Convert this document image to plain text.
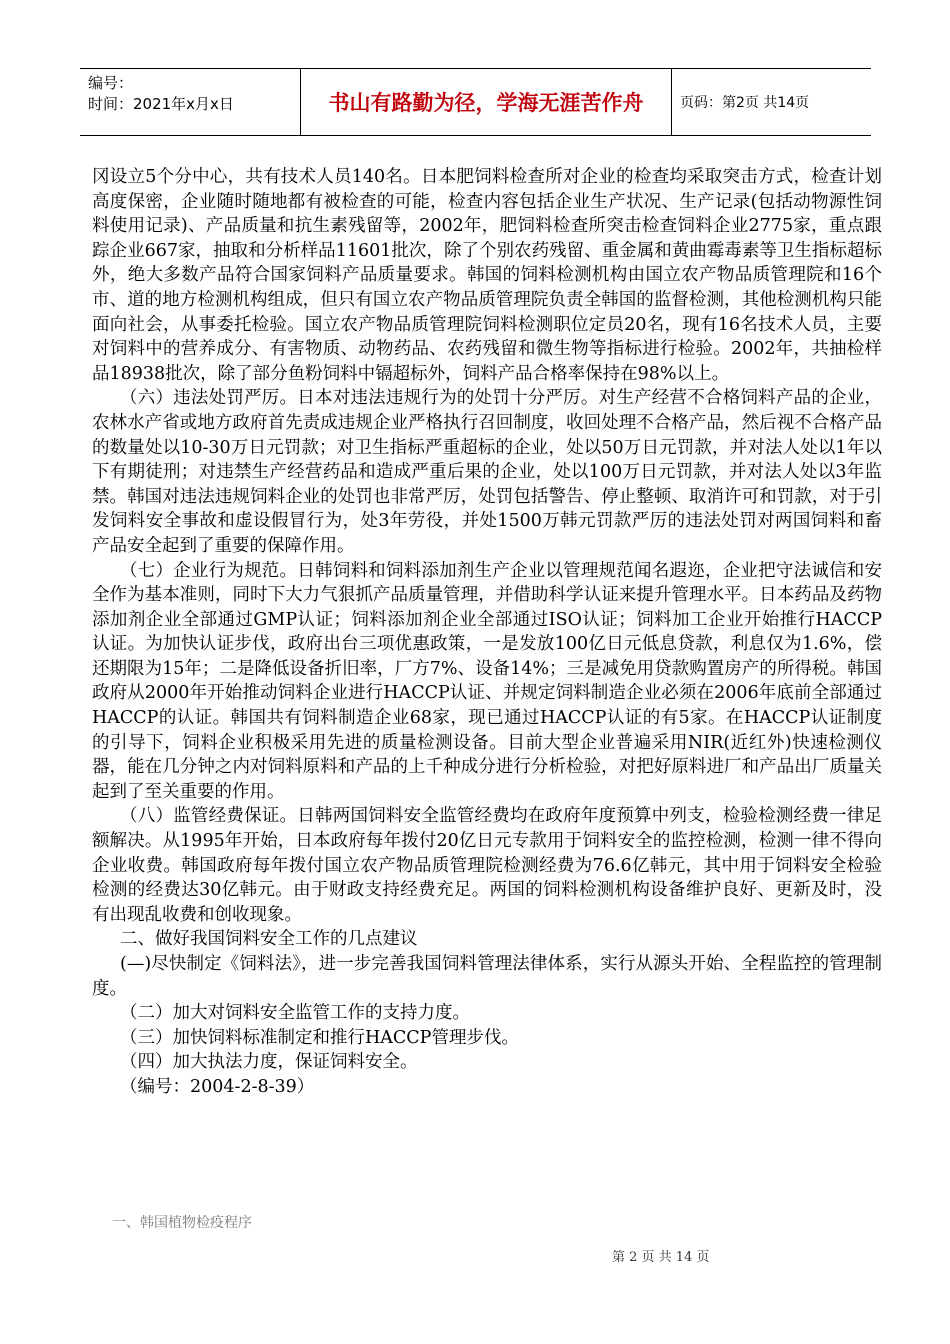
编号：
时间：2021年x月x日	书山有路勤为径，学海无涯苦作舟	页码：第2页 共14页

冈设立5个分中心，共有技术人员140名。日本肥饲料检查所对企业的检查均采取突击方式，检查计划高度保密，企业随时随地都有被检查的可能，检查内容包括企业生产状况、生产记录(包括动物源性饲料使用记录)、产品质量和抗生素残留等，2002年，肥饲料检查所突击检查饲料企业2775家，重点跟踪企业667家，抽取和分析样品11601批次，除了个别农药残留、重金属和黄曲霉毒素等卫生指标超标外，绝大多数产品符合国家饲料产品质量要求。韩国的饲料检测机构由国立农产物品质管理院和16个市、道的地方检测机构组成，但只有国立农产物品质管理院负责全韩国的监督检测，其他检测机构只能面向社会，从事委托检验。国立农产物品质管理院饲料检测职位定员20名，现有16名技术人员，主要对饲料中的营养成分、有害物质、动物药品、农药残留和微生物等指标进行检验。2002年，共抽检样品18938批次，除了部分鱼粉饲料中镉超标外，饲料产品合格率保持在98%以上。

（六）违法处罚严厉。日本对违法违规行为的处罚十分严厉。对生产经营不合格饲料产品的企业，农林水产省或地方政府首先责成违规企业严格执行召回制度，收回处理不合格产品，然后视不合格产品的数量处以10-30万日元罚款；对卫生指标严重超标的企业，处以50万日元罚款，并对法人处以1年以下有期徒刑；对违禁生产经营药品和造成严重后果的企业，处以100万日元罚款，并对法人处以3年监禁。韩国对违法违规饲料企业的处罚也非常严厉，处罚包括警告、停止整顿、取消许可和罚款，对于引发饲料安全事故和虚设假冒行为，处3年劳役，并处1500万韩元罚款严厉的违法处罚对两国饲料和畜产品安全起到了重要的保障作用。

（七）企业行为规范。日韩饲料和饲料添加剂生产企业以管理规范闻名遐迩，企业把守法诚信和安全作为基本准则，同时下大力气狠抓产品质量管理，并借助科学认证来提升管理水平。日本药品及药物添加剂企业全部通过GMP认证；饲料添加剂企业全部通过ISO认证；饲料加工企业开始推行HACCP认证。为加快认证步伐，政府出台三项优惠政策，一是发放100亿日元低息贷款，利息仅为1.6%，偿还期限为15年；二是降低设备折旧率，厂方7%、设备14%；三是减免用贷款购置房产的所得税。韩国政府从2000年开始推动饲料企业进行HACCP认证、并规定饲料制造企业必须在2006年底前全部通过HACCP的认证。韩国共有饲料制造企业68家，现已通过HACCP认证的有5家。在HACCP认证制度的引导下，饲料企业积极采用先进的质量检测设备。目前大型企业普遍采用NIR(近红外)快速检测仪器，能在几分钟之内对饲料原料和产品的上千种成分进行分析检验，对把好原料进厂和产品出厂质量关起到了至关重要的作用。

（八）监管经费保证。日韩两国饲料安全监管经费均在政府年度预算中列支，检验检测经费一律足额解决。从1995年开始，日本政府每年拨付20亿日元专款用于饲料安全的监控检测，检测一律不得向企业收费。韩国政府每年拨付国立农产物品质管理院检测经费为76.6亿韩元，其中用于饲料安全检验检测的经费达30亿韩元。由于财政支持经费充足。两国的饲料检测机构设备维护良好、更新及时，没有出现乱收费和创收现象。

二、做好我国饲料安全工作的几点建议

(—)尽快制定《饲料法》，进一步完善我国饲料管理法律体系，实行从源头开始、全程监控的管理制度。

（二）加大对饲料安全监管工作的支持力度。

（三）加快饲料标准制定和推行HACCP管理步伐。

（四）加大执法力度，保证饲料安全。

（编号：2004-2-8-39）

一、韩国植物检疫程序
第 2 页 共 14 页
